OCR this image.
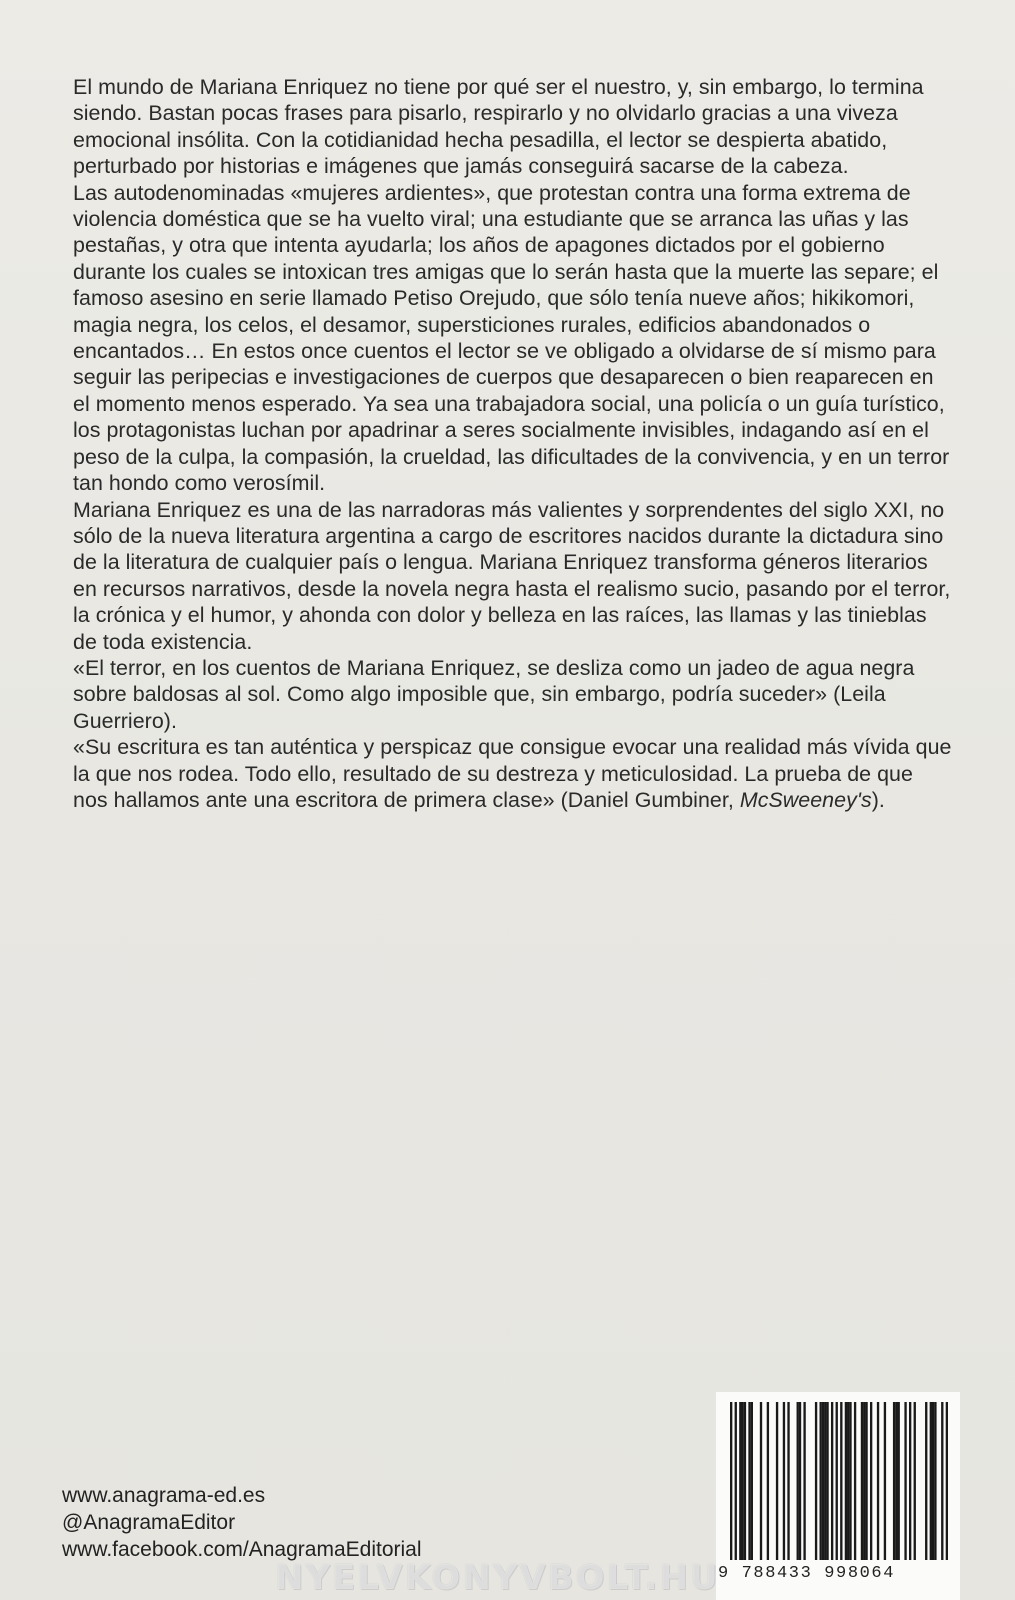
El mundo de Mariana Enriquez no tiene por qué ser el nuestro, y, sin embargo, lo termina siendo. Bastan pocas frases para pisarlo, respirarlo y no olvidarlo gracias a una viveza emocional insólita. Con la cotidianidad hecha pesadilla, el lector se despierta abatido, perturbado por historias e imágenes que jamás conseguirá sacarse de la cabeza.

Las autodenominadas «mujeres ardientes», que protestan contra una forma extrema de violencia doméstica que se ha vuelto viral; una estudiante que se arranca las uñas y las pestañas, y otra que intenta ayudarla; los años de apagones dictados por el gobierno durante los cuales se intoxican tres amigas que lo serán hasta que la muerte las separe; el famoso asesino en serie llamado Petiso Orejudo, que sólo tenía nueve años; hikikomori, magia negra, los celos, el desamor, supersticiones rurales, edificios abandonados o encantados… En estos once cuentos el lector se ve obligado a olvidarse de sí mismo para seguir las peripecias e investigaciones de cuerpos que desaparecen o bien reaparecen en el momento menos esperado. Ya sea una trabajadora social, una policía o un guía turístico, los protagonistas luchan por apadrinar a seres socialmente invisibles, indagando así en el peso de la culpa, la compasión, la crueldad, las dificultades de la convivencia, y en un terror tan hondo como verosímil.

Mariana Enriquez es una de las narradoras más valientes y sorprendentes del siglo XXI, no sólo de la nueva literatura argentina a cargo de escritores nacidos durante la dictadura sino de la literatura de cualquier país o lengua. Mariana Enriquez transforma géneros literarios en recursos narrativos, desde la novela negra hasta el realismo sucio, pasando por el terror, la crónica y el humor, y ahonda con dolor y belleza en las raíces, las llamas y las tinieblas de toda existencia.

«El terror, en los cuentos de Mariana Enriquez, se desliza como un jadeo de agua negra sobre baldosas al sol. Como algo imposible que, sin embargo, podría suceder» (Leila Guerriero).

«Su escritura es tan auténtica y perspicaz que consigue evocar una realidad más vívida que la que nos rodea. Todo ello, resultado de su destreza y meticulosidad. La prueba de que nos hallamos ante una escritora de primera clase» (Daniel Gumbiner, McSweeney's).

www.anagrama-ed.es
@AnagramaEditor
www.facebook.com/AnagramaEditorial
9 788433 998064
NYELVKONYVBOLT.HU
